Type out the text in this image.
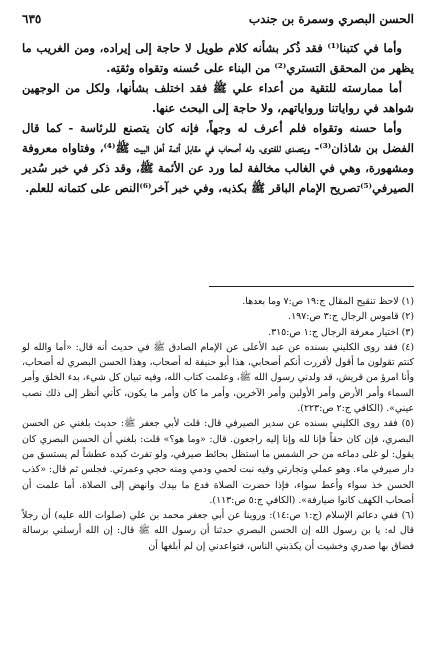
الحسن البصري وسمرة بن جندب
٦٣٥

وأما في كتبنا⁽¹⁾ فقد ذُكر بشأنه كلام طويل لا حاجة إلى إيراده، ومن الغريب ما يظهر من المحقق التستري⁽²⁾ من البناء على حُسنه وتقواه وثقتِه.

أما ممارسته للتقية من أعداء علي ﷺ فقد اختلف بشأنها، ولكل من الوجهين شواهد في رواياتنا ورواياتهم، ولا حاجة إلى البحث عنها.

وأما حسنه وتقواه فلم أعرف له وجهاً، فإنه كان يتصنع للرئاسة - كما قال الفضل بن شاذان⁽³⁾- ويتصدى للفتوى، وله أصحاب في مقابل أئمة أهل البيت ﷺ⁽⁴⁾، وفتاواه معروفة ومشهورة، وهي في الغالب مخالفة لما ورد عن الأئمة ﷺ، وقد ذكر في خبر سُدير الصيرفي⁽⁵⁾تصريح الإمام الباقر ﷺ بكذبه، وفي خبر آخر⁽⁶⁾النص على كتمانه للعلم.

(١) لاحظ تنقيح المقال ج:١٩ ص:٧ وما بعدها.

(٢) قاموس الرجال ج:٣ ص:١٩٧.

(٣) اختيار معرفة الرجال ج:١ ص:٣١٥.

(٤) فقد روى الكليني بسنده عن عبد الأعلى عن الإمام الصادق ﷺ في حديث أنه قال: «أما والله لو كنتم تقولون ما أقول لأقررت أنكم أصحابي، هذا أبو حنيفة له أصحاب، وهذا الحسن البصري له أصحاب، وأنا امرؤ من قريش، قد ولدني رسول الله ﷺ، وعلمت كتاب الله، وفيه تبيان كل شيء، بدء الخلق وأمر السماء وأمر الأرض وأمر الأولين وأمر الآخرين، وأمر ما كان وأمر ما يكون، كأني أنظر إلى ذلك نصب عيني». (الكافي ج:٢ ص:٢٢٣).

(٥) فقد روى الكليني بسنده عن سدير الصيرفي قال: قلت لأبي جعفر ﷺ: حديث بلغني عن الحسن البصري، فإن كان حقاً فإنا لله وإنا إليه راجعون. قال: «وما هو؟» قلت: بلغني أن الحسن البصري كان يقول: لو غلى دماغه من حر الشمس ما استظل بحائط صيرفي، ولو تفرث كبده عطشاً لم يستسق من دار صيرفي ماء. وهو عملي وتجارتي وفيه نبت لحمي ودمي ومنه حجي وعمرتي. فجلس ثم قال: «كذب الحسن خذ سواء وأعط سواء، فإذا حضرت الصلاة فدع ما بيدك وانهض إلى الصلاة. أما علمت أن أصحاب الكهف كانوا صيارفة». (الكافي ج:٥ ص:١١٣).

(٦) ففي دعائم الإسلام (ج:١ ص:١٤): وروينا عن أبي جعفر محمد بن علي (صلوات الله عليه) أن رجلاً قال له: يا بن رسول الله إن الحسن البصري حدثنا أن رسول الله ﷺ قال: إن الله أرسلني برسالة فضاق بها صدري وخشيت أن يكذبني الناس، فتواعدني إن لم أبلغها أن
